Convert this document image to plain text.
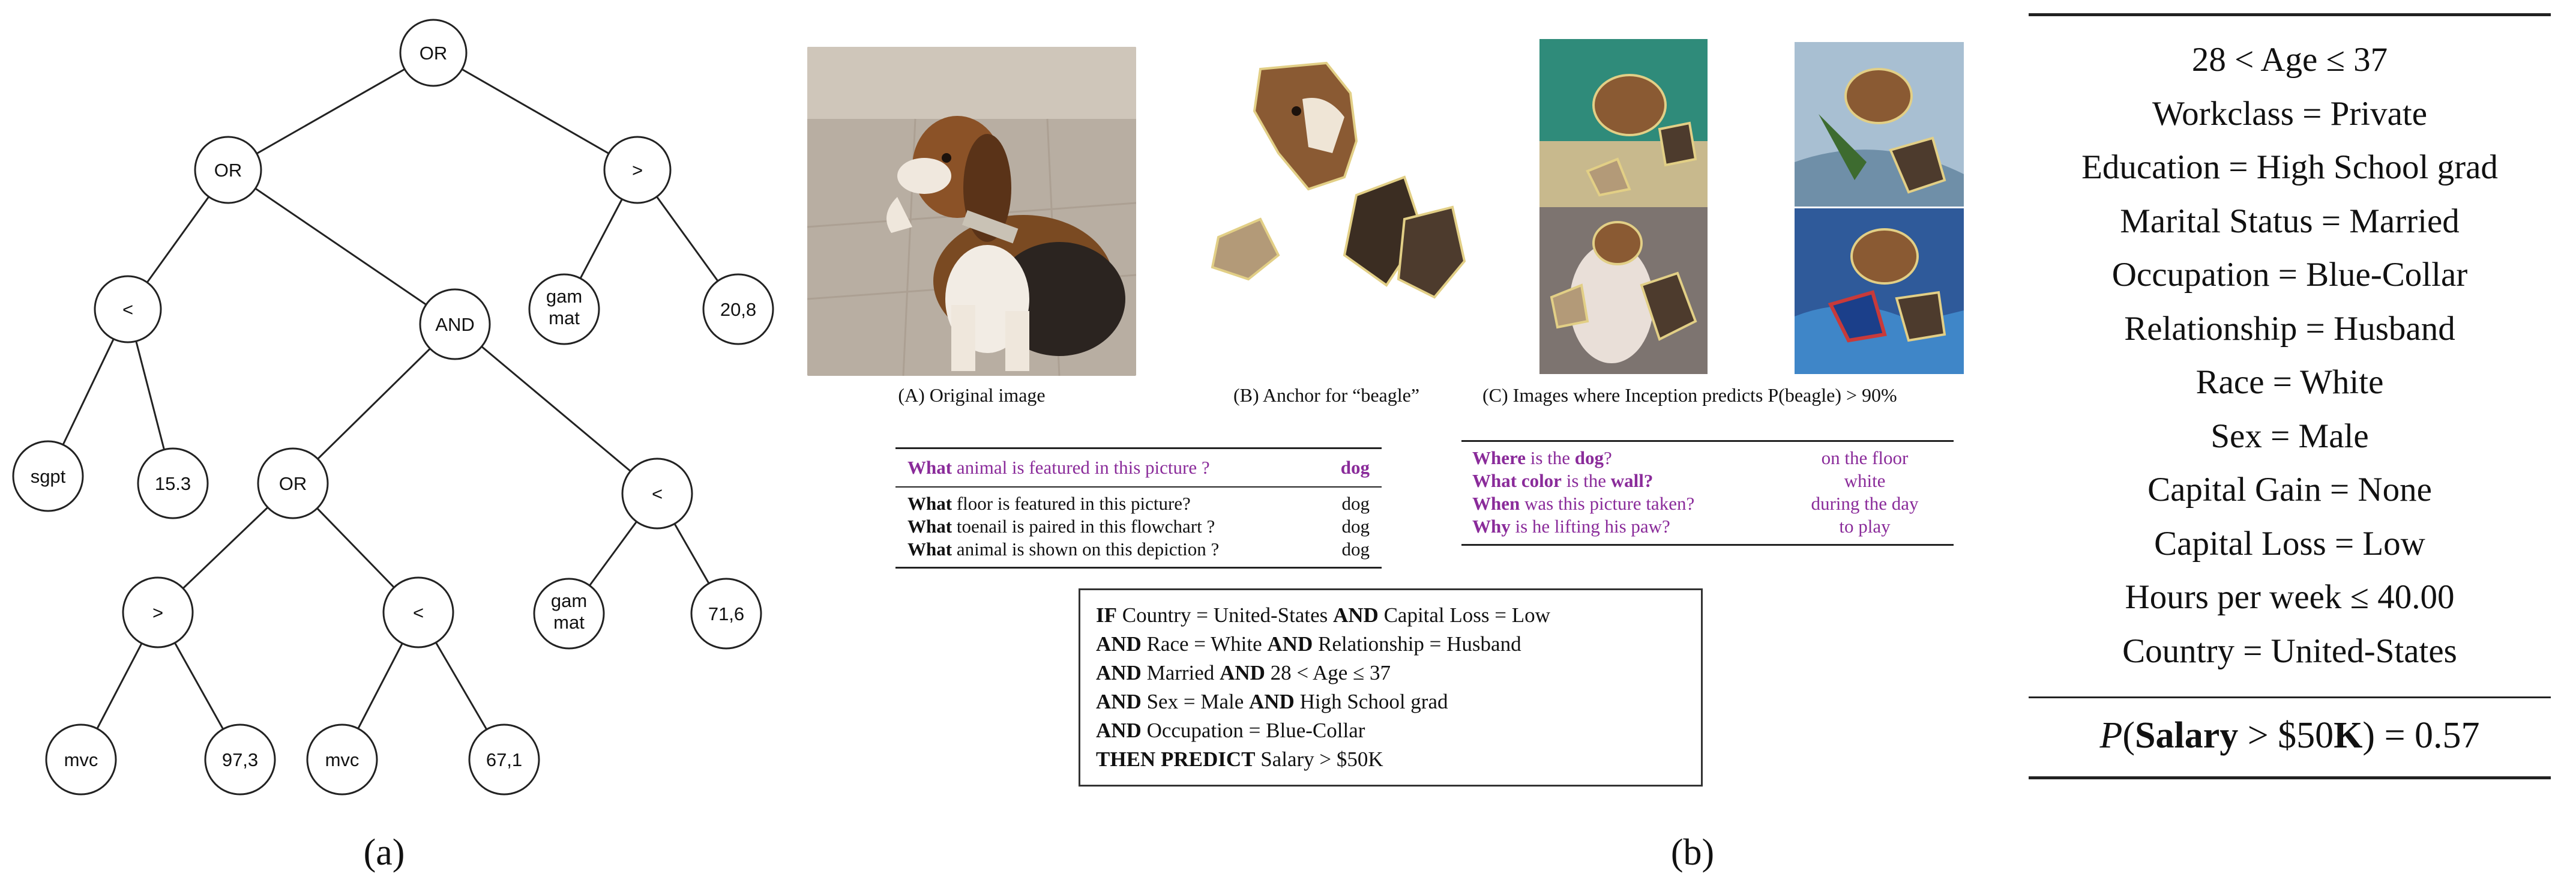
OR
OR	>
<
AND
gam
mat	20,8
sgpt	15.3	OR	<
>	<
gam
mat	71,6
mvc	97,3	mvc	67,1
(a)
(A) Original image	(B) Anchor for “beagle”	(C) Images where Inception predicts P(beagle) > 90%
What animal is featured in this picture ?	dog
What floor is featured in this picture?	dog
What toenail is paired in this flowchart ?	dog
What animal is shown on this depiction ?	dog
Where is the dog?	on the floor
What color is the wall?	white
When was this picture taken?	during the day
Why is he lifting his paw?	to play
IF Country = United-States AND Capital Loss = Low
AND Race = White AND Relationship = Husband
AND Married AND 28 < Age ≤ 37
AND Sex = Male AND High School grad
AND Occupation = Blue-Collar
THEN PREDICT Salary > $50K
(b)
28 < Age ≤ 37
Workclass = Private
Education = High School grad
Marital Status = Married
Occupation = Blue-Collar
Relationship = Husband
Race = White
Sex = Male
Capital Gain = None
Capital Loss = Low
Hours per week ≤ 40.00
Country = United-States
P(Salary > $50K) = 0.57
